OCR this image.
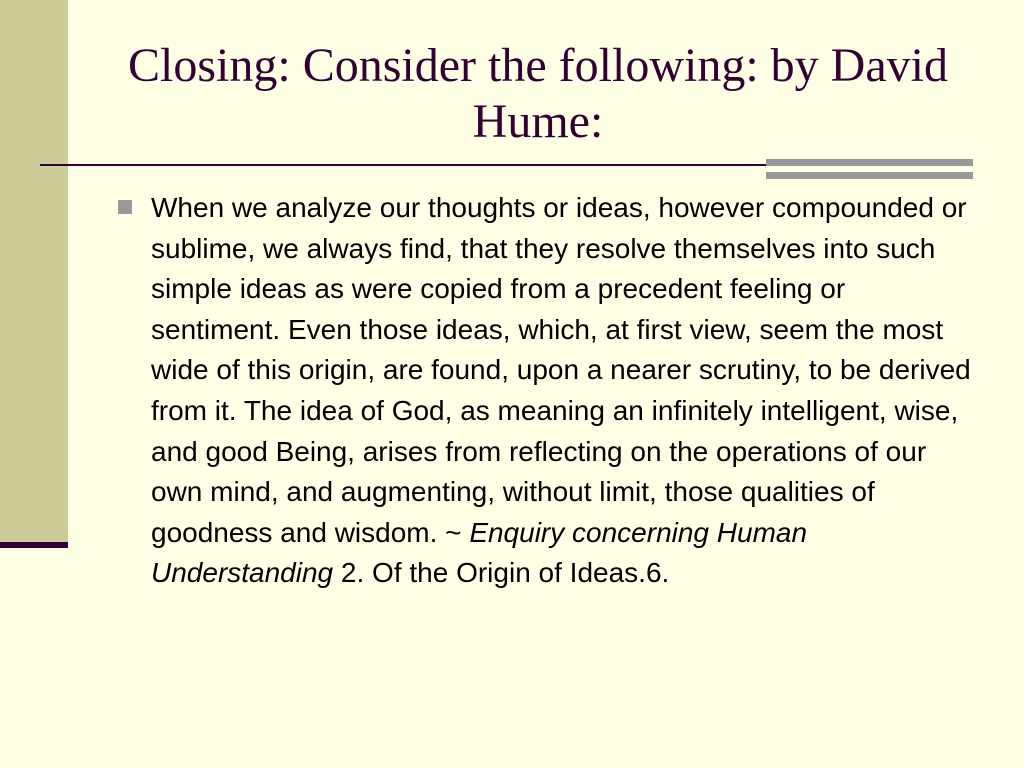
Closing: Consider the following: by David Hume:
When we analyze our thoughts or ideas, however compounded or sublime, we always find, that they resolve themselves into such simple ideas as were copied from a precedent feeling or sentiment. Even those ideas, which, at first view, seem the most wide of this origin, are found, upon a nearer scrutiny, to be derived from it. The idea of God, as meaning an infinitely intelligent, wise, and good Being, arises from reflecting on the operations of our own mind, and augmenting, without limit, those qualities of goodness and wisdom. ~ Enquiry concerning Human Understanding 2. Of the Origin of Ideas.6.
